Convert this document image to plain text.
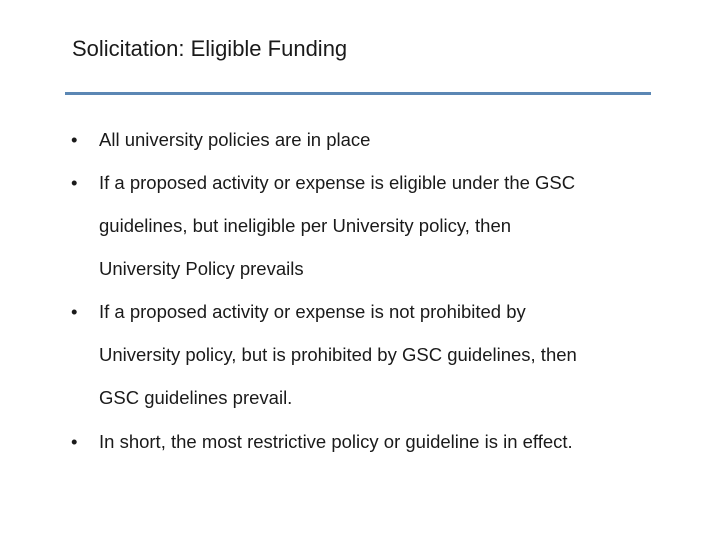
Solicitation: Eligible Funding
• All university policies are in place
• If a proposed activity or expense is eligible under the GSC
guidelines, but ineligible per University policy, then
University Policy prevails
• If a proposed activity or expense is not prohibited by
University policy, but is prohibited by GSC guidelines, then
GSC guidelines prevail.
• In short, the most restrictive policy or guideline is in effect.
